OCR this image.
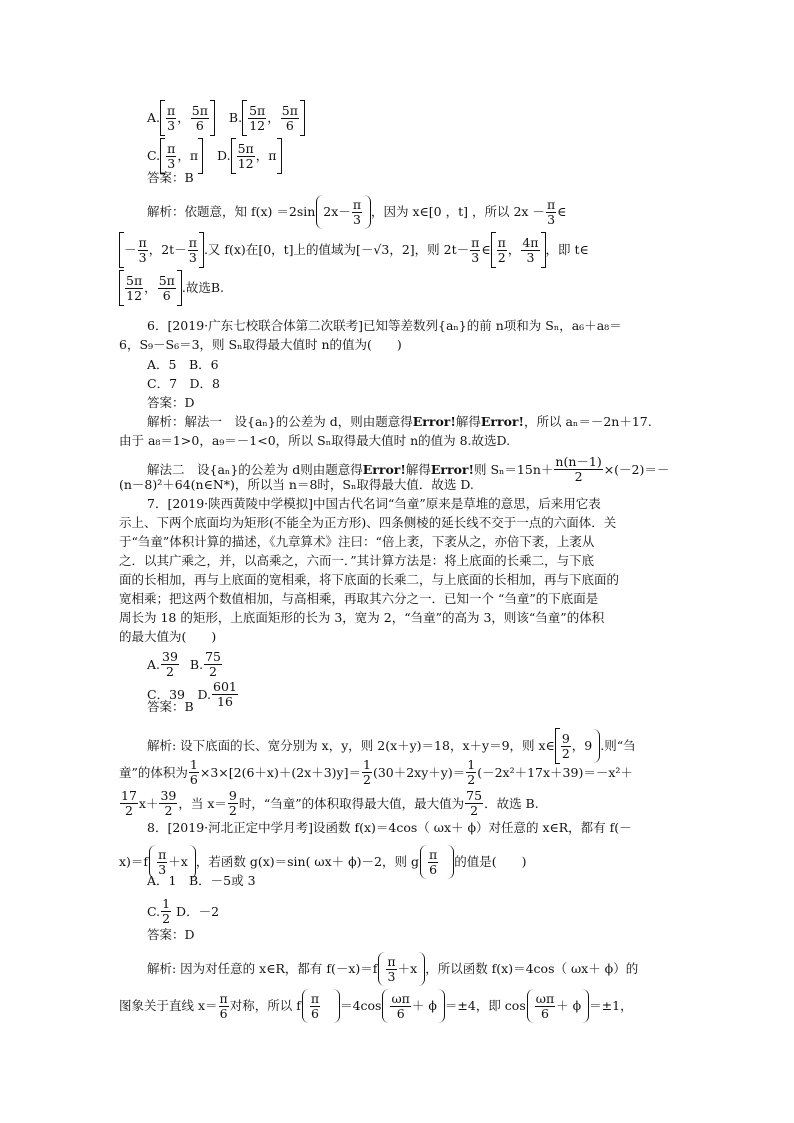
A. $\frac{\pi}{3}$ ， $\frac{5\pi}{6} B$. $\frac{5\pi}{12}$ ， $\frac{5\pi}{6}$
C. $\frac{\pi}{3}$ ，π D. $\frac{5\pi}{12}$ ，π
答案：B
解析：依题意，知 f(x) ＝2sin $2x- \frac{\pi}{3}$ ，因为 x∈[0 ，t] ，所以 $2x - \frac{\pi}{3}$ ∈
－ $\frac{\pi}{3}$ ，$2t- \frac{\pi}{3}$ .又 f(x)在[0，t]上的值域为[－√3，2]，则 $2t- \frac{\pi}{3}$ ∈ $\frac{\pi}{2}$ ， $\frac{4\pi}{3}$ ，即 t∈
$\frac{5\pi}{12}$ ， $\frac{5\pi}{6}$ .故选B.
6．[2019·广东七校联合体第二次联考]已知等差数列{aₙ}的前 n项和为 Sₙ，a₆＋a₈＝
6，S₉－S₆＝3，则 Sₙ取得最大值时 n的值为(　　)
A．5　B．6
C．7　D．8
答案：D
解析：解法一　设{aₙ}的公差为 d，则由题意得Error!解得Error!，所以 aₙ＝－2n＋17.
由于 a₈＝1>0，a₉＝－1<0，所以 Sₙ取得最大值时 n的值为 8.故选D.
解法二　设{aₙ}的公差为 d则由题意得Error!解得Error!则 $S_n=15n+ \frac{n(n-1)}{2} \times(-2)=-$
(n－8)²＋64(n∈N*)，所以当 n＝8时，Sₙ取得最大值．故选 D.
7．[2019·陕西黄陵中学模拟]中国古代名词“刍童”原来是草堆的意思，后来用它表
示上、下两个底面均为矩形(不能全为正方形)、四条侧棱的延长线不交于一点的六面体．关
于“刍童”体积计算的描述，《九章算术》注曰：“倍上袤，下袤从之，亦倍下袤，上袤从
之．以其广乘之，并，以高乘之，六而一．”其计算方法是：将上底面的长乘二，与下底
面的长相加，再与上底面的宽相乘，将下底面的长乘二，与上底面的长相加，再与下底面的
宽相乘；把这两个数值相加，与高相乘，再取其六分之一．已知一个 “刍童”的下底面是
周长为 18 的矩形，上底面矩形的长为 3，宽为 2，“刍童”的高为 3，则该“刍童”的体积
的最大值为(　　)
A. $\frac{39}{2} B$. $\frac{75}{2}$
C．39　D. $\frac{601}{16}$
答案：B
解析: 设下底面的长、宽分别为 x，y，则 2(x＋y)＝18，x＋y＝9，则 x∈ $\frac{9}{2}$ ，9 .则“刍
童”的体积为 $\frac{1}{6} \times 3\times[2(6+x)+(2x+3)y]= \frac{1}{2} (30+2xy+y)= \frac{1}{2} (-2x^2+17x+39)=-x^2+$
$\frac{17}{2} x+ \frac{39}{2}$ ，当 $x= \frac{9}{2}$ 时，“刍童”的体积取得最大值，最大值为 $\frac{75}{2}$ ．故选 B.
8．[2019·河北正定中学月考]设函数 f(x)＝4cos（ ωx＋ ϕ）对任意的 x∈R，都有 f(－
$x)=f \frac{\pi}{3} +x$ ，若函数 g(x)＝sin( ωx＋ ϕ)－2，则 g $\frac{\pi}{6}$ 的值是(　　)
A．1　B．－5或 3
C. $\frac{1}{2}$ D．－2
答案：D
解析: 因为对任意的 x∈R，都有 $f(-x)=f \frac{\pi}{3} +x$ ，所以函数 f(x)＝4cos（ ωx＋ ϕ）的
图象关于直线 $x= \frac{\pi}{6}$ 对称，所以 f $\frac{\pi}{6} =4\cos \frac{\omega\pi}{6} + \phi =\pm 4$，即 $\cos \frac{\omega\pi}{6} + \phi =\pm 1$，
